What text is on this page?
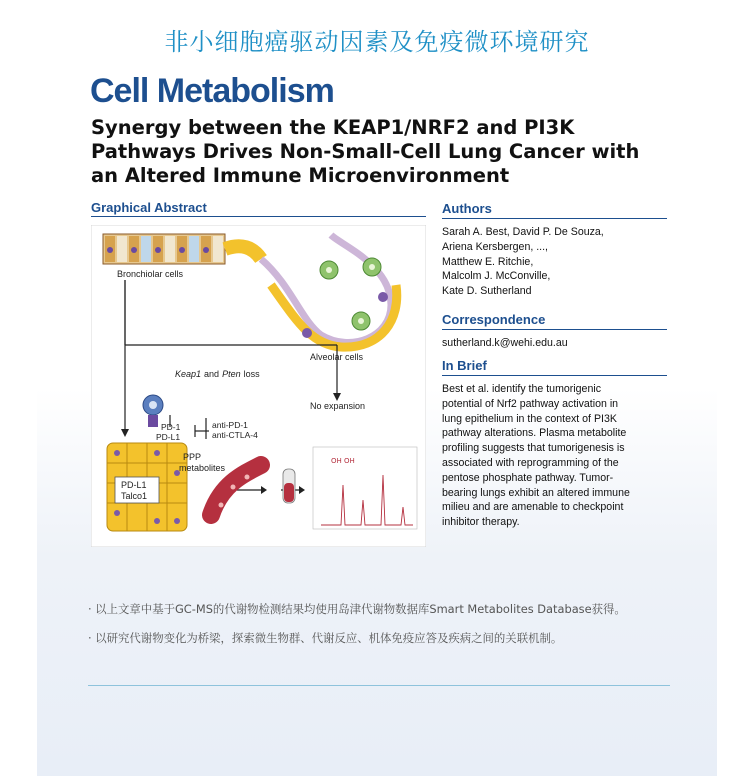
非小细胞癌驱动因素及免疫微环境研究
Cell Metabolism
Synergy between the KEAP1/NRF2 and PI3K
Pathways Drives Non-Small-Cell Lung Cancer with
an Altered Immune Microenvironment
Graphical Abstract
Bronchiolar cells
Alveolar cells
Keap1 and Pten loss
No expansion
PD-1
PD-L1
anti-PD-1
anti-CTLA-4
PD-L1
Talco1
PPP
metabolites
OH OH
Authors
Sarah A. Best, David P. De Souza,
Ariena Kersbergen, ...,
Matthew E. Ritchie,
Malcolm J. McConville,
Kate D. Sutherland
Correspondence
sutherland.k@wehi.edu.au
In Brief
Best et al. identify the tumorigenic
potential of Nrf2 pathway activation in
lung epithelium in the context of PI3K
pathway alterations. Plasma metabolite
profiling suggests that tumorigenesis is
associated with reprogramming of the
pentose phosphate pathway. Tumor-
bearing lungs exhibit an altered immune
milieu and are amenable to checkpoint
inhibitor therapy.
· 以上文章中基于GC-MS的代谢物检测结果均使用岛津代谢物数据库Smart Metabolites Database获得。
· 以研究代谢物变化为桥梁，探索微生物群、代谢反应、机体免疫应答及疾病之间的关联机制。
